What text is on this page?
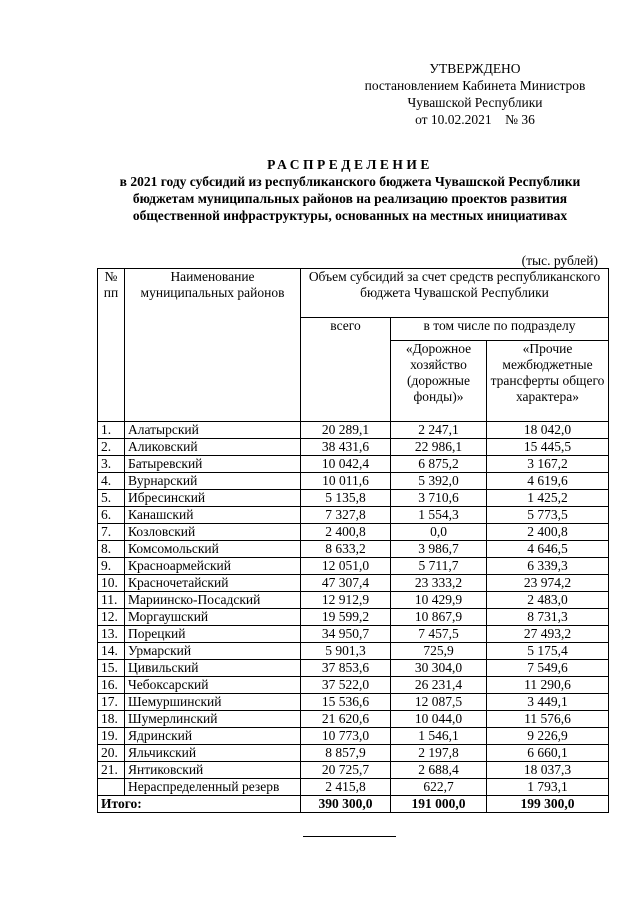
УТВЕРЖДЕНО
постановлением Кабинета Министров
Чувашской Республики
от 10.02.2021    № 36
РАСПРЕДЕЛЕНИЕ
в 2021 году субсидий из республиканского бюджета Чувашской Республики
бюджетам муниципальных районов на реализацию проектов развития
общественной инфраструктуры, основанных на местных инициативах
(тыс. рублей)
№ пп	Наименование муниципальных районов	Объем субсидий за счет средств республиканского бюджета Чувашской Республики		
		всего	в том числе по подразделу	
			«Дорожное хозяйство (дорожные фонды)»	«Прочие межбюджетные трансферты общего характера»
1.	Алатырский	20 289,1	2 247,1	18 042,0
2.	Аликовский	38 431,6	22 986,1	15 445,5
3.	Батыревский	10 042,4	6 875,2	3 167,2
4.	Вурнарский	10 011,6	5 392,0	4 619,6
5.	Ибресинский	5 135,8	3 710,6	1 425,2
6.	Канашский	7 327,8	1 554,3	5 773,5
7.	Козловский	2 400,8	0,0	2 400,8
8.	Комсомольский	8 633,2	3 986,7	4 646,5
9.	Красноармейский	12 051,0	5 711,7	6 339,3
10.	Красночетайский	47 307,4	23 333,2	23 974,2
11.	Мариинско-Посадский	12 912,9	10 429,9	2 483,0
12.	Моргаушский	19 599,2	10 867,9	8 731,3
13.	Порецкий	34 950,7	7 457,5	27 493,2
14.	Урмарский	5 901,3	725,9	5 175,4
15.	Цивильский	37 853,6	30 304,0	7 549,6
16.	Чебоксарский	37 522,0	26 231,4	11 290,6
17.	Шемуршинский	15 536,6	12 087,5	3 449,1
18.	Шумерлинский	21 620,6	10 044,0	11 576,6
19.	Ядринский	10 773,0	1 546,1	9 226,9
20.	Яльчикский	8 857,9	2 197,8	6 660,1
21.	Янтиковский	20 725,7	2 688,4	18 037,3
	Нераспределенный резерв	2 415,8	622,7	1 793,1
Итого:		390 300,0	191 000,0	199 300,0
